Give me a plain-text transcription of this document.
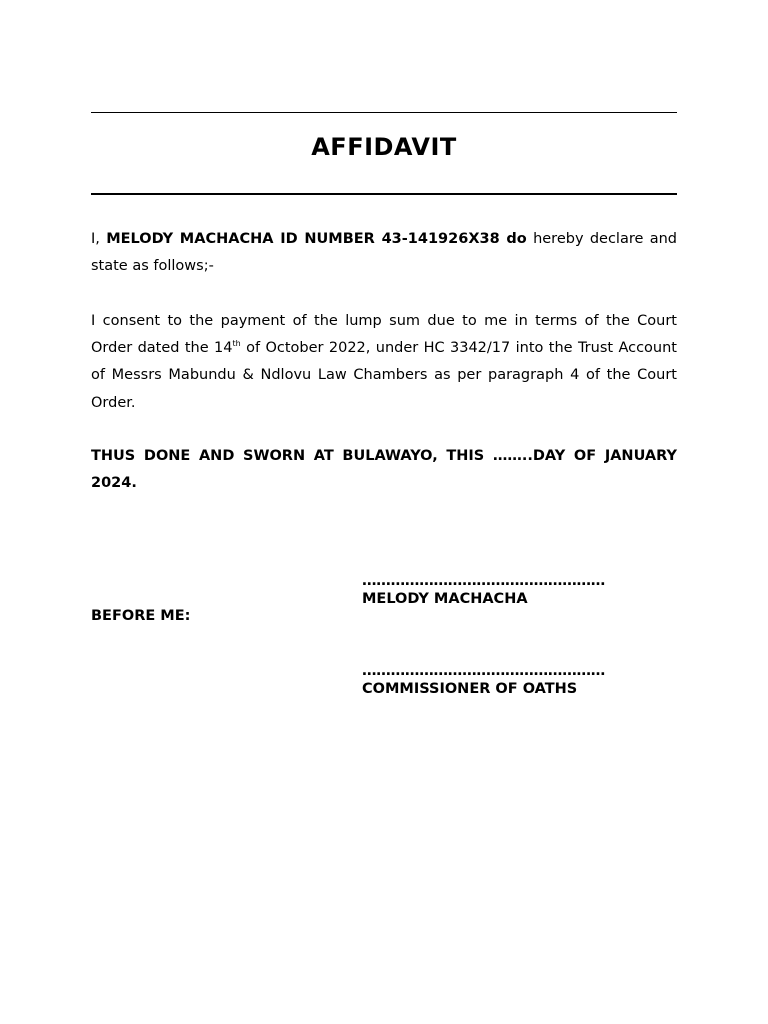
AFFIDAVIT
I, MELODY MACHACHA ID NUMBER 43-141926X38 do hereby declare and state as follows;-
I consent to the payment of the lump sum due to me in terms of the Court Order dated the 14th of October 2022, under HC 3342/17 into the Trust Account of Messrs Mabundu & Ndlovu Law Chambers as per paragraph 4 of the Court Order.
THUS DONE AND SWORN AT BULAWAYO, THIS ……..DAY OF JANUARY 2024.
……………………………………………
MELODY MACHACHA
BEFORE ME:
……………………………………………
COMMISSIONER OF OATHS
